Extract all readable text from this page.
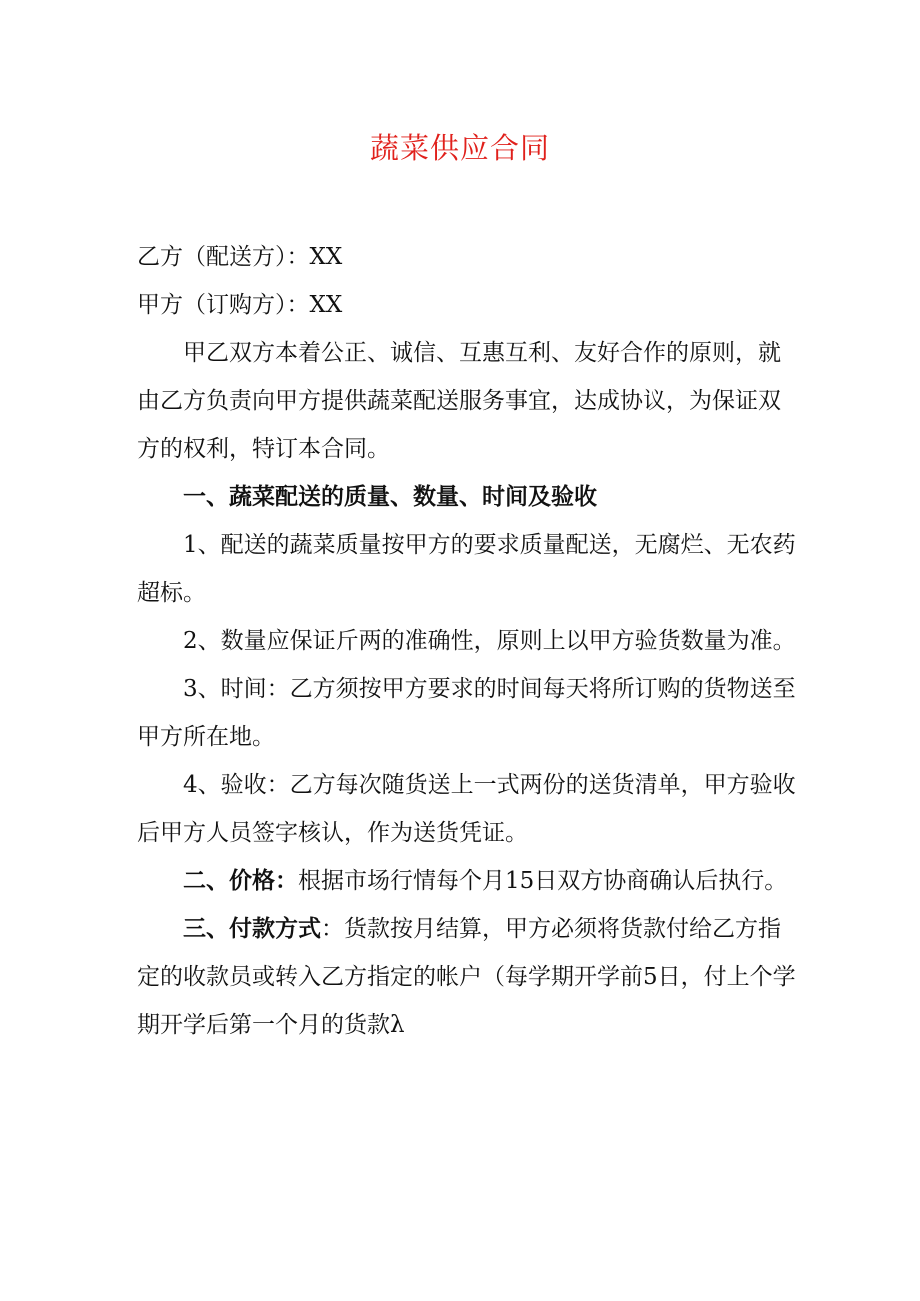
蔬菜供应合同

乙方（配送方）：XX

甲方（订购方）：XX

甲乙双方本着公正、诚信、互惠互利、友好合作的原则，就由乙方负责向甲方提供蔬菜配送服务事宜，达成协议，为保证双方的权利，特订本合同。

一、蔬菜配送的质量、数量、时间及验收

1、配送的蔬菜质量按甲方的要求质量配送，无腐烂、无农药超标。

2、数量应保证斤两的准确性，原则上以甲方验货数量为准。

3、时间：乙方须按甲方要求的时间每天将所订购的货物送至甲方所在地。

4、验收：乙方每次随货送上一式两份的送货清单，甲方验收后甲方人员签字核认，作为送货凭证。

二、价格：根据市场行情每个月15日双方协商确认后执行。

三、付款方式：货款按月结算，甲方必须将货款付给乙方指定的收款员或转入乙方指定的帐户（每学期开学前5日，付上个学期开学后第一个月的货款λ
